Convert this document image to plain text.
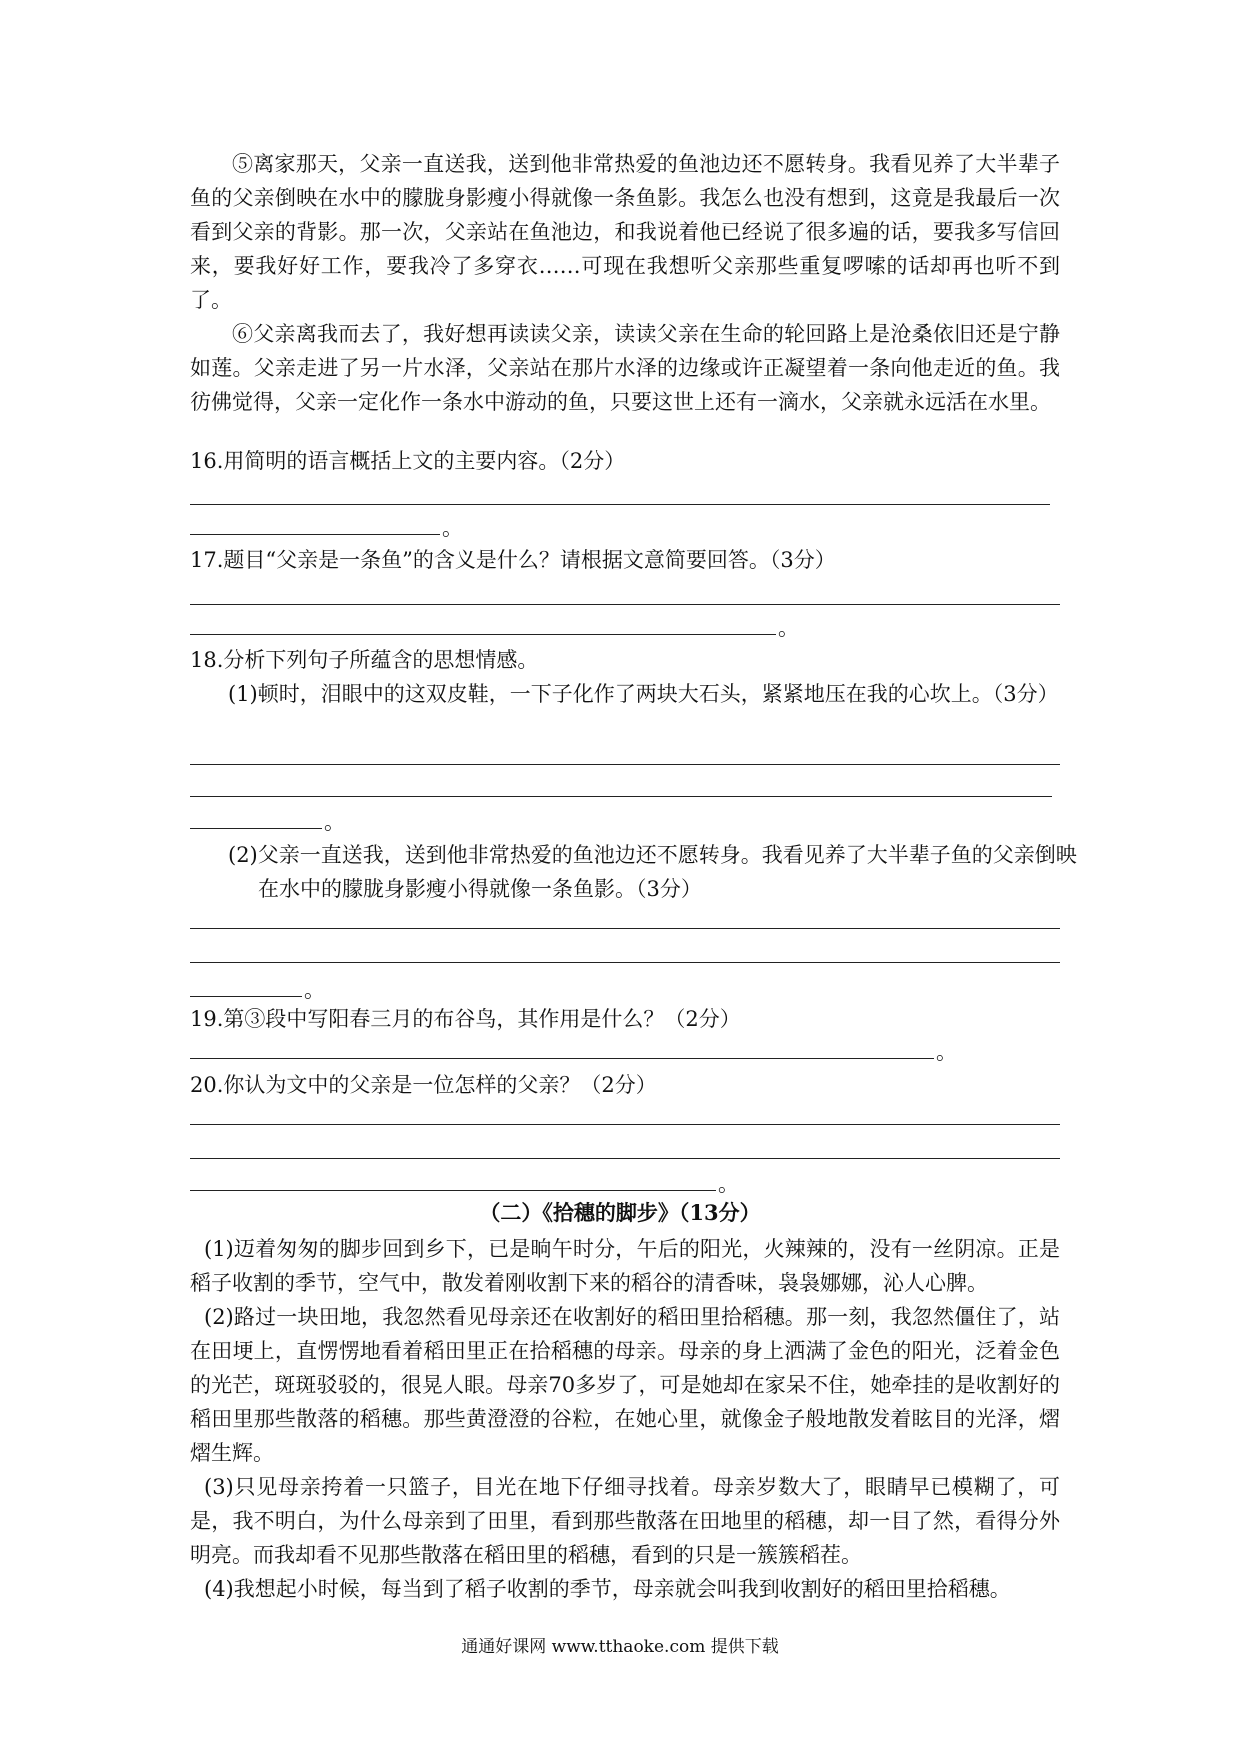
⑤离家那天，父亲一直送我，送到他非常热爱的鱼池边还不愿转身。我看见养了大半辈子鱼的父亲倒映在水中的朦胧身影瘦小得就像一条鱼影。我怎么也没有想到，这竟是我最后一次看到父亲的背影。那一次，父亲站在鱼池边，和我说着他已经说了很多遍的话，要我多写信回来，要我好好工作，要我冷了多穿衣……可现在我想听父亲那些重复啰嗦的话却再也听不到了。

⑥父亲离我而去了，我好想再读读父亲，读读父亲在生命的轮回路上是沧桑依旧还是宁静如莲。父亲走进了另一片水泽，父亲站在那片水泽的边缘或许正凝望着一条向他走近的鱼。我彷佛觉得，父亲一定化作一条水中游动的鱼，只要这世上还有一滴水，父亲就永远活在水里。

16.用简明的语言概括上文的主要内容。（2分）
。
17.题目“父亲是一条鱼”的含义是什么？请根据文意简要回答。（3分）
。
18.分析下列句子所蕴含的思想情感。
(1)顿时，泪眼中的这双皮鞋，一下子化作了两块大石头，紧紧地压在我的心坎上。（3分）
。
(2)父亲一直送我，送到他非常热爱的鱼池边还不愿转身。我看见养了大半辈子鱼的父亲倒映在水中的朦胧身影瘦小得就像一条鱼影。（3分）
。
19.第③段中写阳春三月的布谷鸟，其作用是什么？（2分）
。
20.你认为文中的父亲是一位怎样的父亲？（2分）
。
（二）《拾穗的脚步》（13分）

(1)迈着匆匆的脚步回到乡下，已是晌午时分，午后的阳光，火辣辣的，没有一丝阴凉。正是稻子收割的季节，空气中，散发着刚收割下来的稻谷的清香味，袅袅娜娜，沁人心脾。

(2)路过一块田地，我忽然看见母亲还在收割好的稻田里拾稻穗。那一刻，我忽然僵住了，站在田埂上，直愣愣地看着稻田里正在拾稻穗的母亲。母亲的身上洒满了金色的阳光，泛着金色的光芒，斑斑驳驳的，很晃人眼。母亲70多岁了，可是她却在家呆不住，她牵挂的是收割好的稻田里那些散落的稻穗。那些黄澄澄的谷粒，在她心里，就像金子般地散发着眩目的光泽，熠熠生辉。

(3)只见母亲挎着一只篮子，目光在地下仔细寻找着。母亲岁数大了，眼睛早已模糊了，可是，我不明白，为什么母亲到了田里，看到那些散落在田地里的稻穗，却一目了然，看得分外明亮。而我却看不见那些散落在稻田里的稻穗，看到的只是一簇簇稻茬。

(4)我想起小时候，每当到了稻子收割的季节，母亲就会叫我到收割好的稻田里拾稻穗。

通通好课网 www.tthaoke.com 提供下载
